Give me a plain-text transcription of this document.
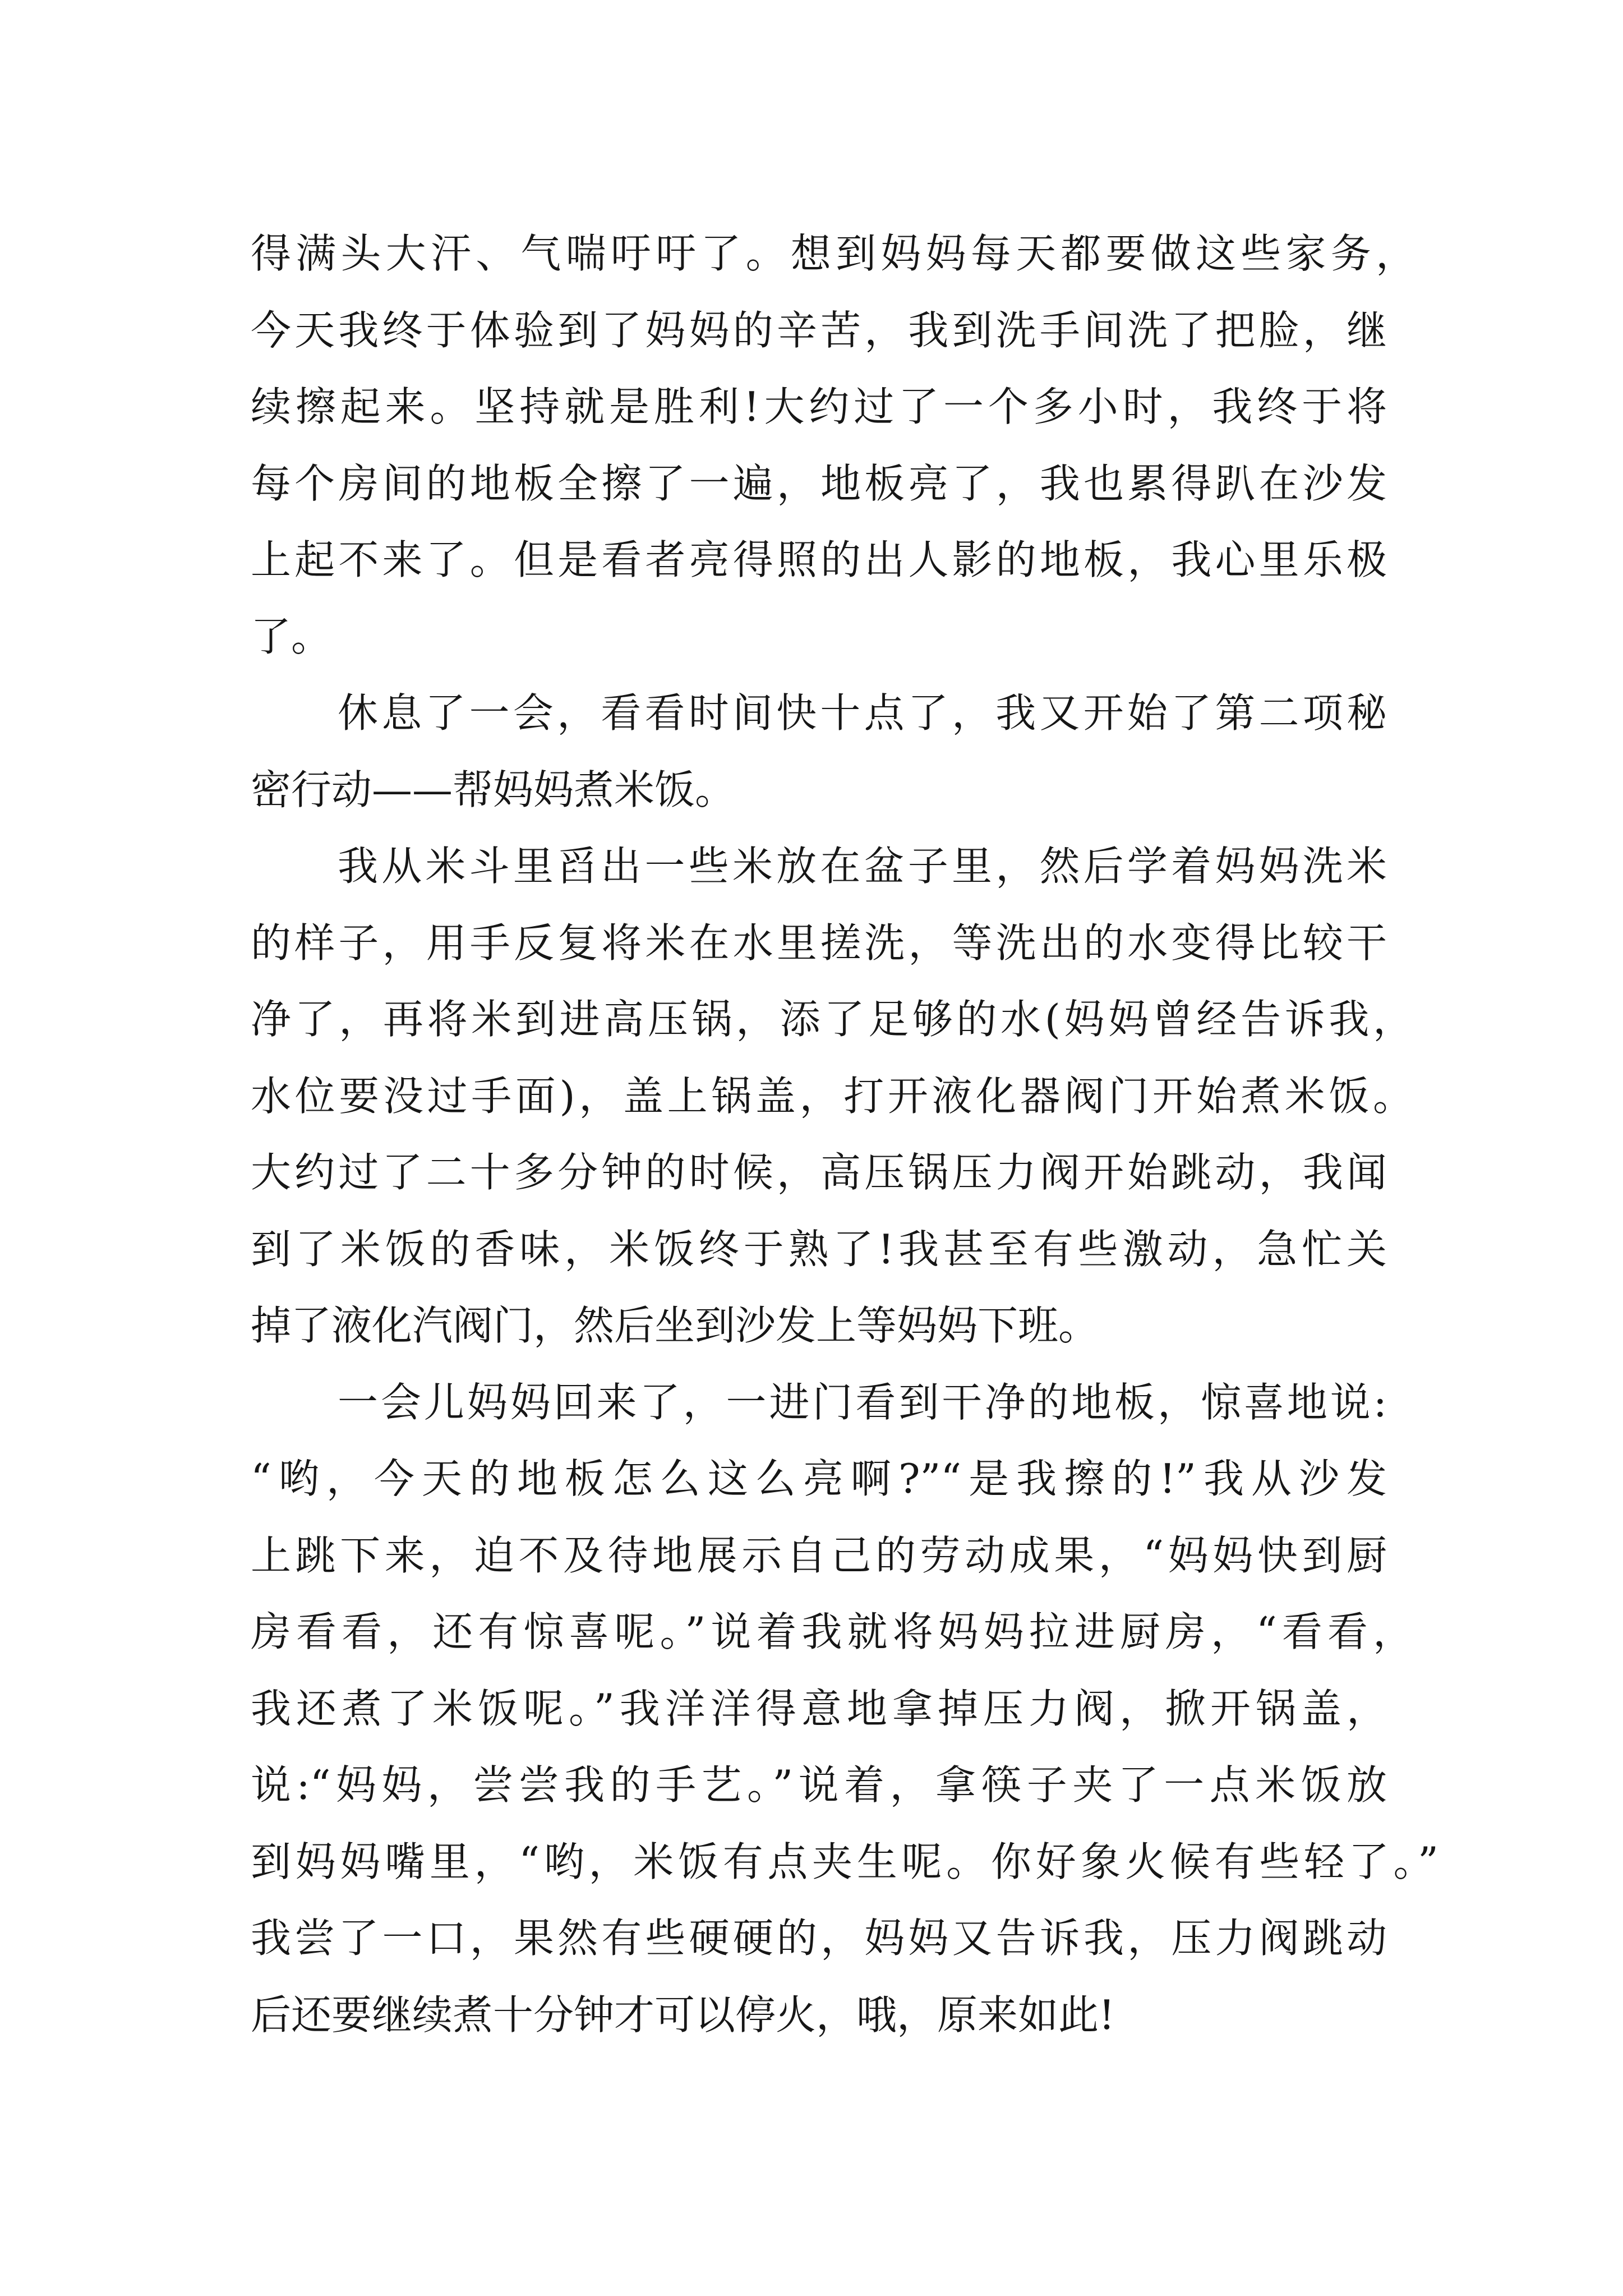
得满头大汗、气喘吁吁了。想到妈妈每天都要做这些家务，
今天我终于体验到了妈妈的辛苦，我到洗手间洗了把脸，继
续擦起来。坚持就是胜利!大约过了一个多小时，我终于将
每个房间的地板全擦了一遍，地板亮了，我也累得趴在沙发
上起不来了。但是看者亮得照的出人影的地板，我心里乐极
了。
休息了一会，看看时间快十点了，我又开始了第二项秘
密行动——帮妈妈煮米饭。
我从米斗里舀出一些米放在盆子里，然后学着妈妈洗米
的样子，用手反复将米在水里搓洗，等洗出的水变得比较干
净了，再将米到进高压锅，添了足够的水(妈妈曾经告诉我，
水位要没过手面)，盖上锅盖，打开液化器阀门开始煮米饭。
大约过了二十多分钟的时候，高压锅压力阀开始跳动，我闻
到了米饭的香味，米饭终于熟了!我甚至有些激动，急忙关
掉了液化汽阀门，然后坐到沙发上等妈妈下班。
一会儿妈妈回来了，一进门看到干净的地板，惊喜地说:
“哟，今天的地板怎么这么亮啊?”“是我擦的!”我从沙发
上跳下来，迫不及待地展示自己的劳动成果，“妈妈快到厨
房看看，还有惊喜呢。”说着我就将妈妈拉进厨房，“看看，
我还煮了米饭呢。”我洋洋得意地拿掉压力阀，掀开锅盖，
说:“妈妈，尝尝我的手艺。”说着，拿筷子夹了一点米饭放
到妈妈嘴里，“哟，米饭有点夹生呢。你好象火候有些轻了。”
我尝了一口，果然有些硬硬的，妈妈又告诉我，压力阀跳动
后还要继续煮十分钟才可以停火，哦，原来如此!
